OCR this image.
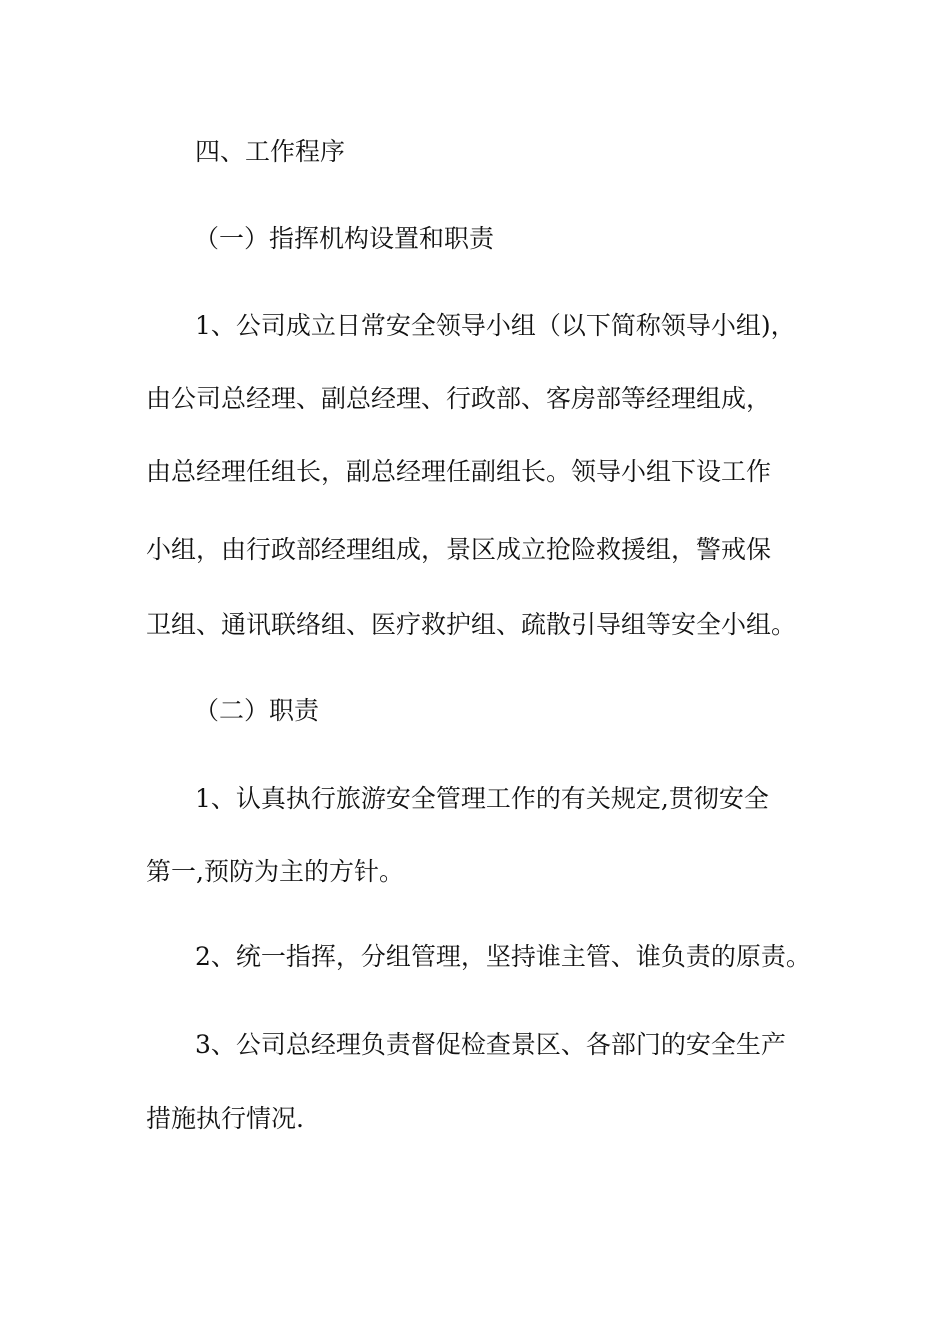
四、工作程序
（一）指挥机构设置和职责
1、公司成立日常安全领导小组（以下简称领导小组)，
由公司总经理、副总经理、行政部、客房部等经理组成，
由总经理任组长，副总经理任副组长。领导小组下设工作
小组，由行政部经理组成，景区成立抢险救援组，警戒保
卫组、通讯联络组、医疗救护组、疏散引导组等安全小组。
（二）职责
1、认真执行旅游安全管理工作的有关规定,贯彻安全
第一,预防为主的方针。
2、统一指挥，分组管理，坚持谁主管、谁负责的原责。
3、公司总经理负责督促检查景区、各部门的安全生产
措施执行情况.
